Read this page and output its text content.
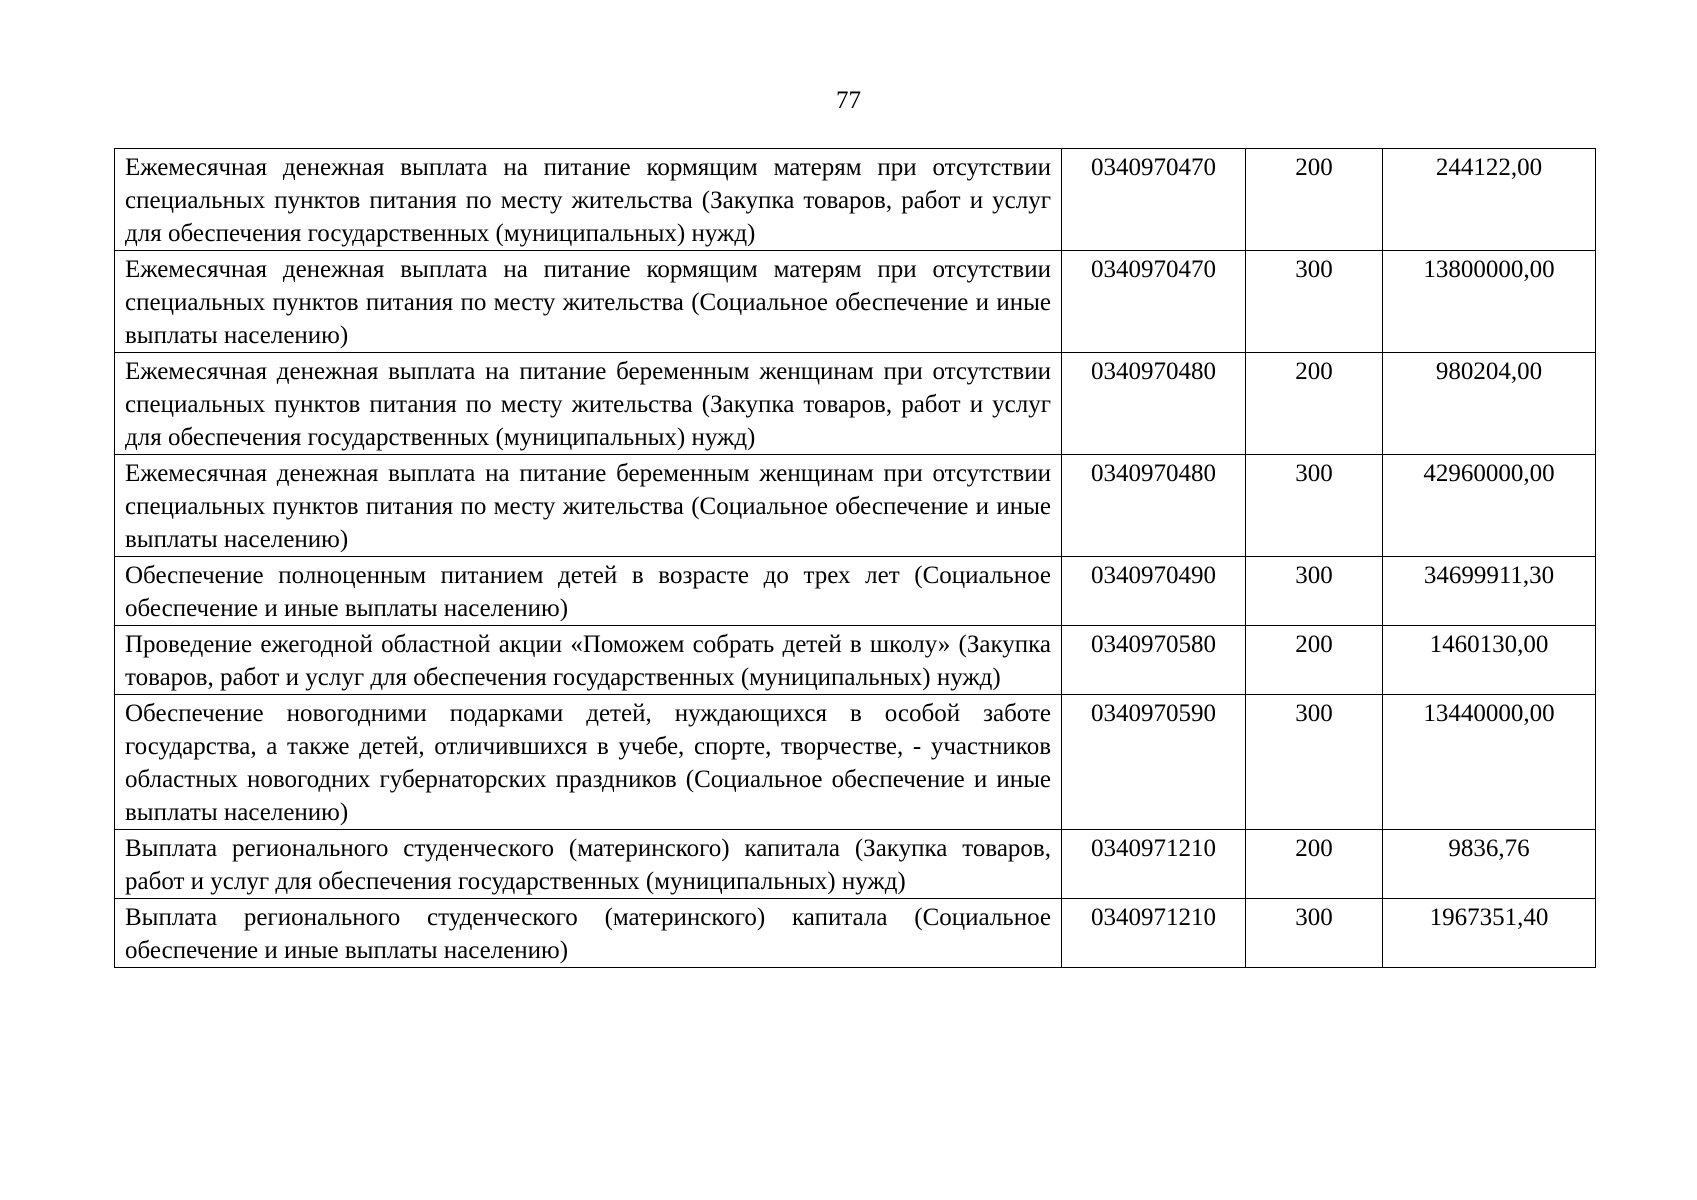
77
Ежемесячная денежная выплата на питание кормящим матерям при отсутствии специальных пунктов питания по месту жительства (Закупка товаров, работ и услуг для обеспечения государственных (муниципальных) нужд)	0340970470	200	244122,00
Ежемесячная денежная выплата на питание кормящим матерям при отсутствии специальных пунктов питания по месту жительства (Социальное обеспечение и иные выплаты населению)	0340970470	300	13800000,00
Ежемесячная денежная выплата на питание беременным женщинам при отсутствии специальных пунктов питания по месту жительства (Закупка товаров, работ и услуг для обеспечения государственных (муниципальных) нужд)	0340970480	200	980204,00
Ежемесячная денежная выплата на питание беременным женщинам при отсутствии специальных пунктов питания по месту жительства (Социальное обеспечение и иные выплаты населению)	0340970480	300	42960000,00
Обеспечение полноценным питанием детей в возрасте до трех лет (Социальное обеспечение и иные выплаты населению)	0340970490	300	34699911,30
Проведение ежегодной областной акции «Поможем собрать детей в школу» (Закупка товаров, работ и услуг для обеспечения государственных (муниципальных) нужд)	0340970580	200	1460130,00
Обеспечение новогодними подарками детей, нуждающихся в особой заботе государства, а также детей, отличившихся в учебе, спорте, творчестве, - участников областных новогодних губернаторских праздников (Социальное обеспечение и иные выплаты населению)	0340970590	300	13440000,00
Выплата регионального студенческого (материнского) капитала (Закупка товаров, работ и услуг для обеспечения государственных (муниципальных) нужд)	0340971210	200	9836,76
Выплата регионального студенческого (материнского) капитала (Социальное обеспечение и иные выплаты населению)	0340971210	300	1967351,40
